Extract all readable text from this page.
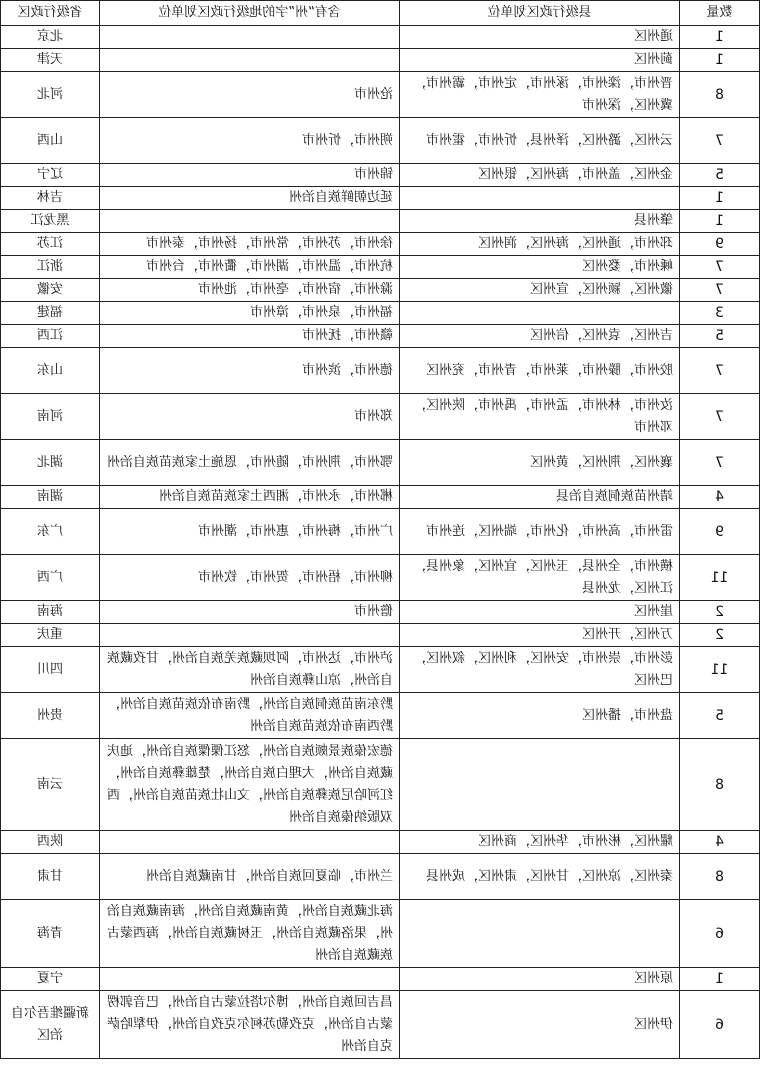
数量	县级行政区划单位	含有“州”字的地级行政区划单位	省级行政区
1	通州区		北京
1	蓟州区		天津
8	晋州市，滦州市，涿州市，定州市，霸州市，冀州区，深州市	沧州市	河北
7	云州区，潞州区，泽州县，忻州市，霍州市	朔州市，忻州市	山西
5	金州区，盖州市，海州区，银州区	锦州市	辽宁
1		延边朝鲜族自治州	吉林
1	肇州县		黑龙江
9	邳州市，通州区，海州区，润州区	徐州市，苏州市，常州市，扬州市，泰州市	江苏
7	嵊州市，婺州区	杭州市，温州市，湖州市，衢州市，台州市	浙江
7	徽州区，颍州区，宣州区	滁州市，宿州市，亳州市，池州市	安徽
3		福州市，泉州市，漳州市	福建
5	吉州区，袁州区，信州区	赣州市，抚州市	江西
7	胶州市，滕州市，莱州市，青州市，兖州区	德州市，滨州市	山东
7	汝州市，林州市，孟州市，禹州市，陕州区，邓州市	郑州市	河南
7	襄州区，荆州区，黄州区	鄂州市，荆州市，随州市，恩施土家族苗族自治州	湖北
4	靖州苗族侗族自治县	郴州市，永州市，湘西土家族苗族自治州	湖南
9	雷州市，高州市，化州市，端州区，连州市	广州市，梅州市，惠州市，潮州市	广东
11	横州市，全州县，玉州区，宜州区，象州县，江州区，龙州县	柳州市，梧州市，贺州市，钦州市	广西
2	崖州区	儋州市	海南
2	万州区，开州区		重庆
11	彭州市，崇州市，安州区，利州区，叙州区，巴州区	泸州市，达州市，阿坝藏族羌族自治州，甘孜藏族自治州，凉山彝族自治州	四川
5	盘州市，播州区	黔东南苗族侗族自治州，黔南布依族苗族自治州，黔西南布依族苗族自治州	贵州
8		德宏傣族景颇族自治州，怒江傈僳族自治州，迪庆藏族自治州，大理白族自治州，楚雄彝族自治州，红河哈尼族彝族自治州，文山壮族苗族自治州，西双版纳傣族自治州	云南
4	耀州区，彬州市，华州区，商州区		陕西
8	秦州区，凉州区，甘州区，肃州区，成州县	兰州市，临夏回族自治州，甘南藏族自治州	甘肃
6		海北藏族自治州，黄南藏族自治州，海南藏族自治州，果洛藏族自治州，玉树藏族自治州，海西蒙古族藏族自治州	青海
1	原州区		宁夏
6	伊州区	昌吉回族自治州，博尔塔拉蒙古自治州，巴音郭楞蒙古自治州，克孜勒苏柯尔克孜自治州，伊犁哈萨克自治州	新疆维吾尔自治区
